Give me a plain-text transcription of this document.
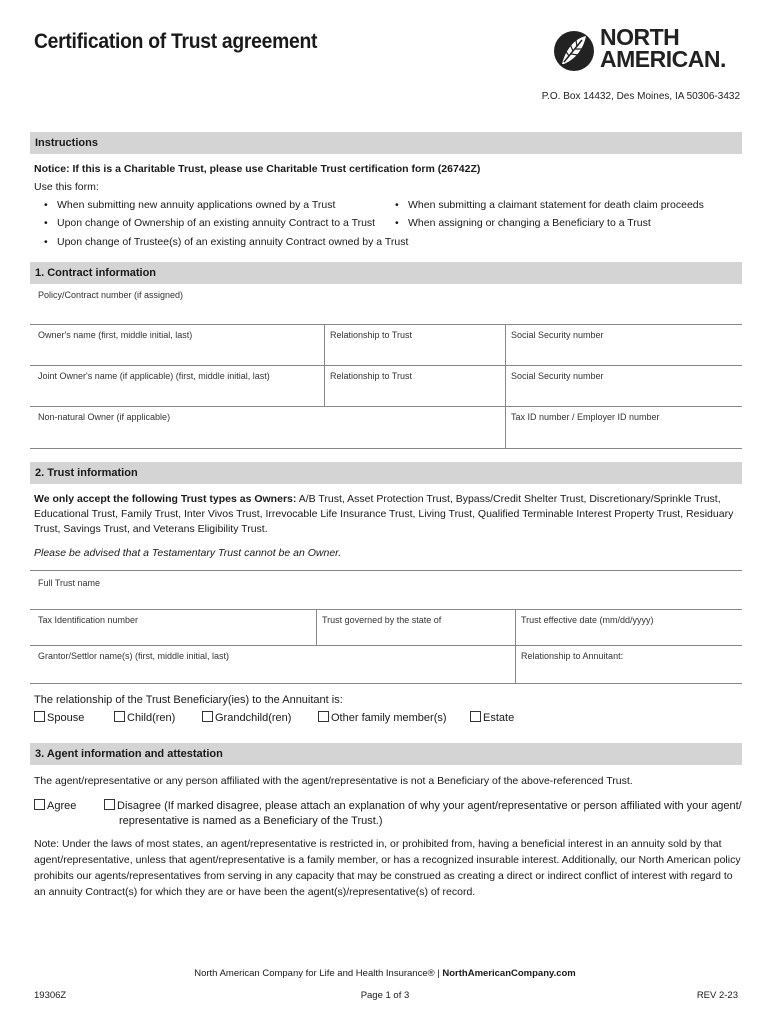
Certification of Trust agreement	NORTH
AMERICAN.
P.O. Box 14432, Des Moines, IA 50306-3432
Instructions
Notice: If this is a Charitable Trust, please use Charitable Trust certification form (26742Z)
Use this form:
• When submitting new annuity applications owned by a Trust
• Upon change of Ownership of an existing annuity Contract to a Trust
• Upon change of Trustee(s) of an existing annuity Contract owned by a Trust
• When submitting a claimant statement for death claim proceeds
• When assigning or changing a Beneficiary to a Trust
1. Contract information
Policy/Contract number (if assigned)
Owner's name (first, middle initial, last)	Relationship to Trust	Social Security number
Joint Owner's name (if applicable) (first, middle initial, last)	Relationship to Trust	Social Security number
Non-natural Owner (if applicable)	Tax ID number / Employer ID number
2. Trust information
We only accept the following Trust types as Owners: A/B Trust, Asset Protection Trust, Bypass/Credit Shelter Trust, Discretionary/Sprinkle Trust,
Educational Trust, Family Trust, Inter Vivos Trust, Irrevocable Life Insurance Trust, Living Trust, Qualified Terminable Interest Property Trust, Residuary
Trust, Savings Trust, and Veterans Eligibility Trust.
Please be advised that a Testamentary Trust cannot be an Owner.
Full Trust name
Tax Identification number	Trust governed by the state of	Trust effective date (mm/dd/yyyy)
Grantor/Settlor name(s) (first, middle initial, last)	Relationship to Annuitant:
The relationship of the Trust Beneficiary(ies) to the Annuitant is:
Spouse	Child(ren)	Grandchild(ren)	Other family member(s)	Estate
3. Agent information and attestation
The agent/representative or any person affiliated with the agent/representative is not a Beneficiary of the above-referenced Trust.
Agree	Disagree (If marked disagree, please attach an explanation of why your agent/representative or person affiliated with your agent/
representative is named as a Beneficiary of the Trust.)
Note: Under the laws of most states, an agent/representative is restricted in, or prohibited from, having a beneficial interest in an annuity sold by that
agent/representative, unless that agent/representative is a family member, or has a recognized insurable interest. Additionally, our North American policy
prohibits our agents/representatives from serving in any capacity that may be construed as creating a direct or indirect conflict of interest with regard to
an annuity Contract(s) for which they are or have been the agent(s)/representative(s) of record.
North American Company for Life and Health Insurance® | NorthAmericanCompany.com
19306Z	Page 1 of 3	REV 2-23
